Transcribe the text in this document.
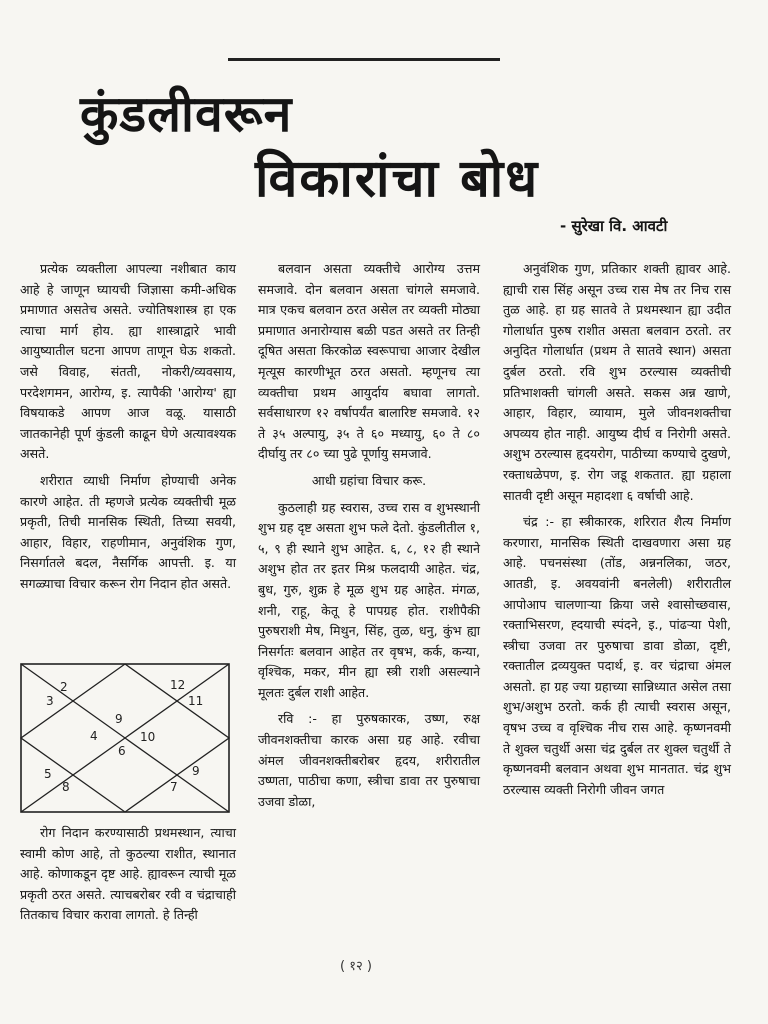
कुंडलीवरून
विकारांचा बोध
- सुरेखा वि. आवटी

प्रत्येक व्यक्तीला आपल्या नशीबात काय आहे हे जाणून घ्यायची जिज्ञासा कमी-अधिक प्रमाणात असतेच असते. ज्योतिषशास्त्र हा एक त्याचा मार्ग होय. ह्या शास्त्राद्वारे भावी आयुष्यातील घटना आपण ताणून घेऊ शकतो. जसे विवाह, संतती, नोकरी/व्यवसाय, परदेशगमन, आरोग्य, इ. त्यापैकी 'आरोग्य' ह्या विषयाकडे आपण आज वळू. यासाठी जातकानेही पूर्ण कुंडली काढून घेणे अत्यावश्यक असते.

शरीरात व्याधी निर्माण होण्याची अनेक कारणे आहेत. ती म्हणजे प्रत्येक व्यक्तीची मूळ प्रकृती, तिची मानसिक स्थिती, तिच्या सवयी, आहार, विहार, राहणीमान, अनुवंशिक गुण, निसर्गातले बदल, नैसर्गिक आपत्ती. इ. या सगळ्याचा विचार करून रोग निदान होत असते.

2	12
3	11
9
4	10
6
5
8	7
9

रोग निदान करण्यासाठी प्रथमस्थान, त्याचा स्वामी कोण आहे, तो कुठल्या राशीत, स्थानात आहे. कोणाकडून दृष्ट आहे. ह्यावरून त्याची मूळ प्रकृती ठरत असते. त्याचबरोबर रवी व चंद्राचाही तितकाच विचार करावा लागतो. हे तिन्ही

बलवान असता व्यक्तीचे आरोग्य उत्तम समजावे. दोन बलवान असता चांगले समजावे. मात्र एकच बलवान ठरत असेल तर व्यक्ती मोठ्या प्रमाणात अनारोग्यास बळी पडत असते तर तिन्ही दूषित असता किरकोळ स्वरूपाचा आजार देखील मृत्यूस कारणीभूत ठरत असतो. म्हणूनच त्या व्यक्तीचा प्रथम आयुर्दाय बघावा लागतो. सर्वसाधारण १२ वर्षापर्यंत बालारिष्ट समजावे. १२ ते ३५ अल्पायु, ३५ ते ६० मध्यायु, ६० ते ८० दीर्घायु तर ८० च्या पुढे पूर्णायु समजावे.

आधी ग्रहांचा विचार करू.

कुठलाही ग्रह स्वरास, उच्च रास व शुभस्थानी शुभ ग्रह दृष्ट असता शुभ फले देतो. कुंडलीतील १, ५, ९ ही स्थाने शुभ आहेत. ६, ८, १२ ही स्थाने अशुभ होत तर इतर मिश्र फलदायी आहेत. चंद्र, बुध, गुरु, शुक्र हे मूळ शुभ ग्रह आहेत. मंगळ, शनी, राहू, केतू हे पापग्रह होत. राशीपैकी पुरुषराशी मेष, मिथुन, सिंह, तुळ, धनु, कुंभ ह्या निसर्गतः बलवान आहेत तर वृषभ, कर्क, कन्या, वृश्चिक, मकर, मीन ह्या स्त्री राशी असल्याने मूलतः दुर्बल राशी आहेत.

रवि :- हा पुरुषकारक, उष्ण, रुक्ष जीवनशक्तीचा कारक असा ग्रह आहे. रवीचा अंमल जीवनशक्तीबरोबर हृदय, शरीरातील उष्णता, पाठीचा कणा, स्त्रीचा डावा तर पुरुषाचा उजवा डोळा,

अनुवंशिक गुण, प्रतिकार शक्ती ह्यावर आहे. ह्याची रास सिंह असून उच्च रास मेष तर निच रास तुळ आहे. हा ग्रह सातवे ते प्रथमस्थान ह्या उदीत गोलार्धात पुरुष राशीत असता बलवान ठरतो. तर अनुदित गोलार्धात (प्रथम ते सातवे स्थान) असता दुर्बल ठरतो. रवि शुभ ठरल्यास व्यक्तीची प्रतिभाशक्ती चांगली असते. सकस अन्न खाणे, आहार, विहार, व्यायाम, मुले जीवनशक्तीचा अपव्यय होत नाही. आयुष्य दीर्घ व निरोगी असते. अशुभ ठरल्यास हृदयरोग, पाठीच्या कण्याचे दुखणे, रक्ताधळेपण, इ. रोग जडू शकतात. ह्या ग्रहाला सातवी दृष्टी असून महादशा ६ वर्षाची आहे.

चंद्र :- हा स्त्रीकारक, शरिरात शैत्य निर्माण करणारा, मानसिक स्थिती दाखवणारा असा ग्रह आहे. पचनसंस्था (तोंड, अन्ननलिका, जठर, आतडी, इ. अवयवांनी बनलेली) शरीरातील आपोआप चालणाऱ्या क्रिया जसे श्वासोच्छवास, रक्ताभिसरण, ह्दयाची स्पंदने, इ., पांढऱ्या पेशी, स्त्रीचा उजवा तर पुरुषाचा डावा डोळा, दृष्टी, रक्तातील द्रव्ययुक्त पदार्थ, इ. वर चंद्राचा अंमल असतो. हा ग्रह ज्या ग्रहाच्या सान्निध्यात असेल तसा शुभ/अशुभ ठरतो. कर्क ही त्याची स्वरास असून, वृषभ उच्च व वृश्चिक नीच रास आहे. कृष्णनवमी ते शुक्ल चतुर्थी असा चंद्र दुर्बल तर शुक्ल चतुर्थी ते कृष्णनवमी बलवान अथवा शुभ मानतात. चंद्र शुभ ठरल्यास व्यक्ती निरोगी जीवन जगत

( १२ )
